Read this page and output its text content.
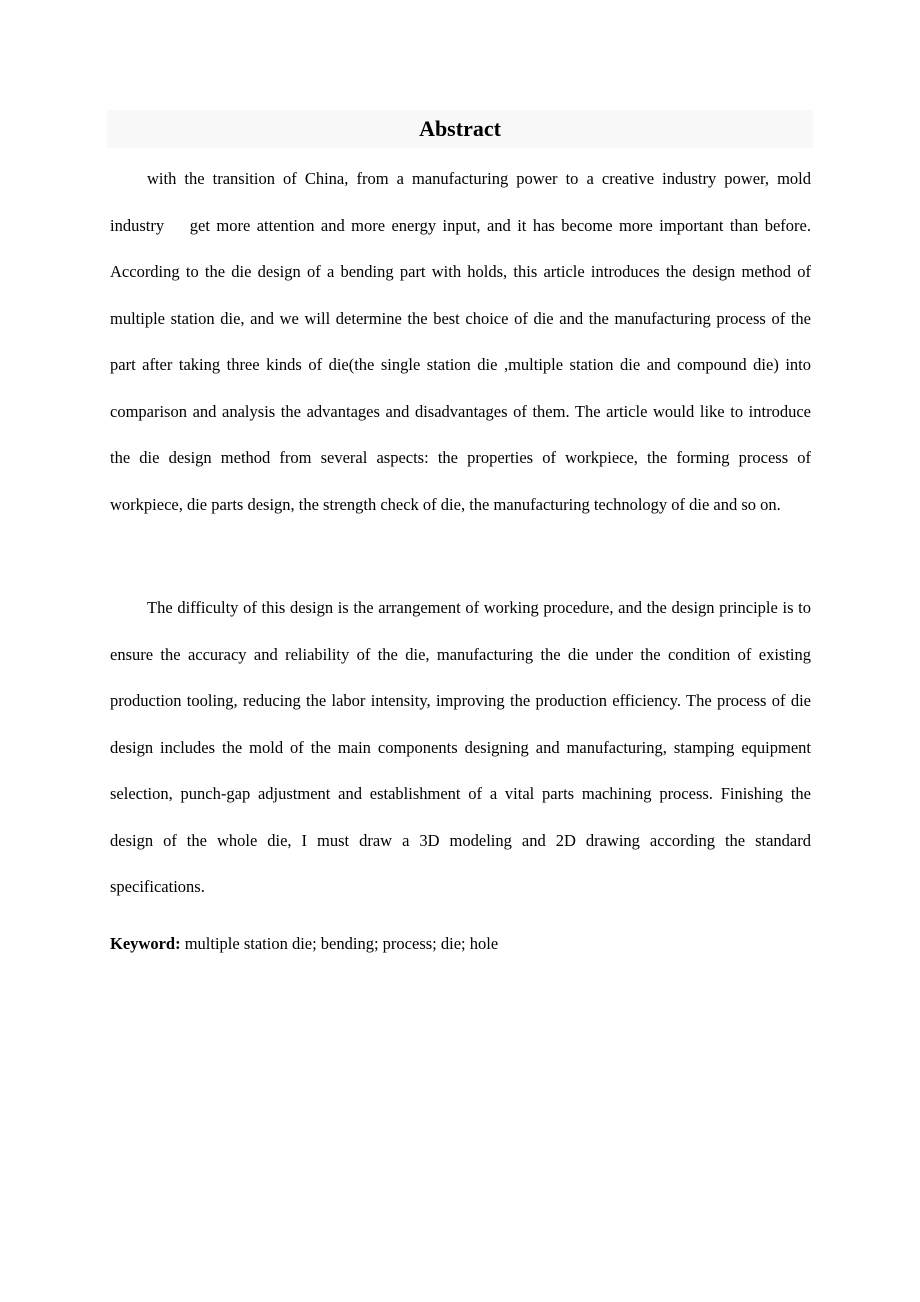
Abstract

with the transition of China, from a manufacturing power to a creative industry power, mold industry    get more attention and more energy input, and it has become more important than before. According to the die design of a bending part with holds, this article introduces the design method of multiple station die, and we will determine the best choice of die and the manufacturing process of the part after taking three kinds of die(the single station die ,multiple station die and compound die) into comparison and analysis the advantages and disadvantages of them. The article would like to introduce the die design method from several aspects: the properties of workpiece, the forming process of workpiece, die parts design, the strength check of die, the manufacturing technology of die and so on.

The difficulty of this design is the arrangement of working procedure, and the design principle is to ensure the accuracy and reliability of the die, manufacturing the die under the condition of existing production tooling, reducing the labor intensity, improving the production efficiency. The process of die design includes the mold of the main components designing and manufacturing, stamping equipment selection, punch-gap adjustment and establishment of a vital parts machining process. Finishing the design of the whole die, I must draw a 3D modeling and 2D drawing according the standard specifications.

Keyword: multiple station die; bending; process; die; hole
